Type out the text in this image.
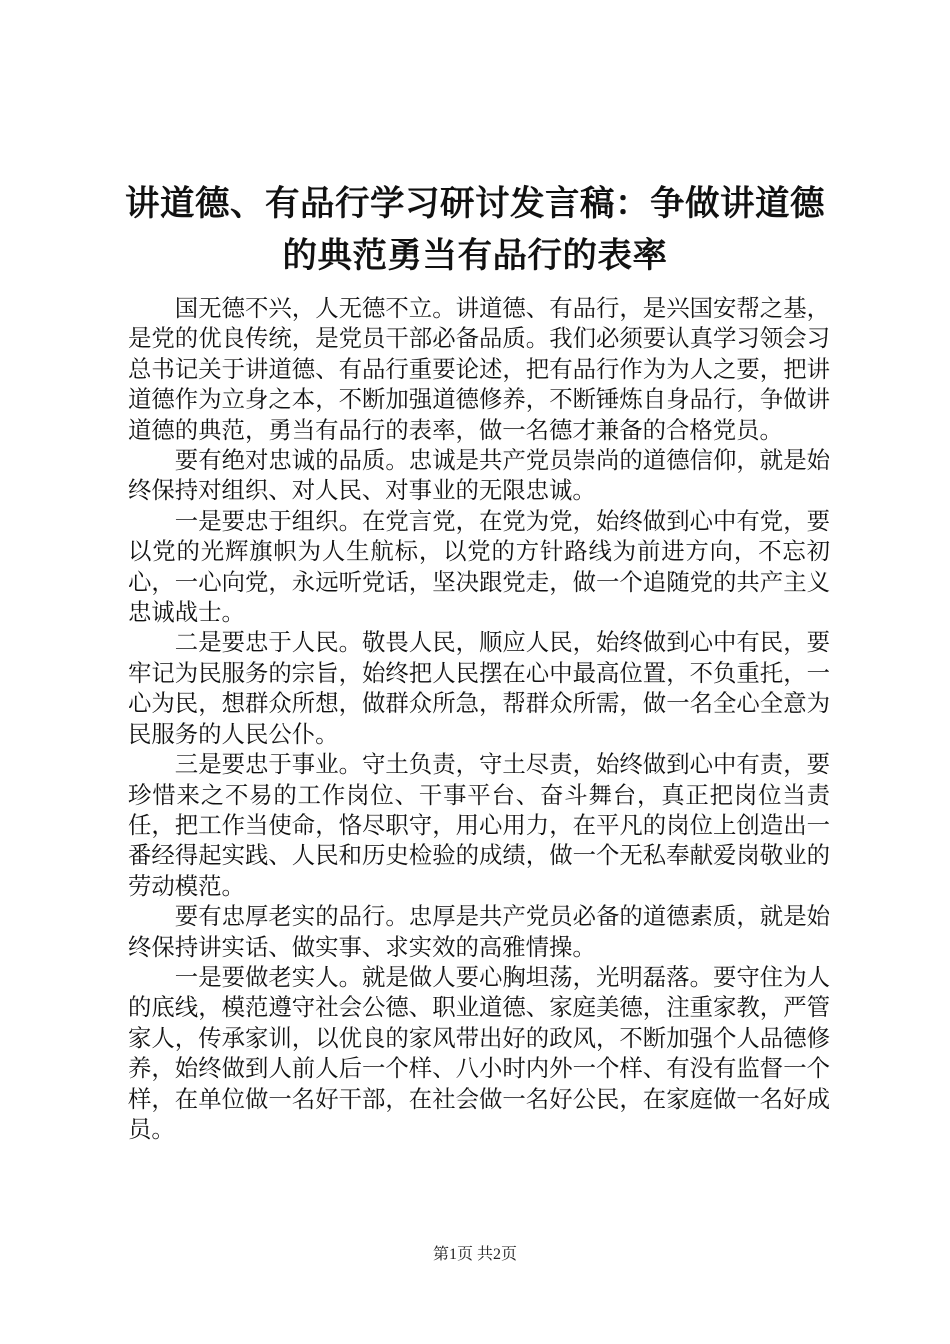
讲道德、有品行学习研讨发言稿：争做讲道德
的典范勇当有品行的表率

国无德不兴，人无德不立。讲道德、有品行，是兴国安帮之基，是党的优良传统，是党员干部必备品质。我们必须要认真学习领会习总书记关于讲道德、有品行重要论述，把有品行作为为人之要，把讲道德作为立身之本，不断加强道德修养，不断锤炼自身品行，争做讲道德的典范，勇当有品行的表率，做一名德才兼备的合格党员。

要有绝对忠诚的品质。忠诚是共产党员崇尚的道德信仰，就是始终保持对组织、对人民、对事业的无限忠诚。

一是要忠于组织。在党言党，在党为党，始终做到心中有党，要以党的光辉旗帜为人生航标，以党的方针路线为前进方向，不忘初心，一心向党，永远听党话，坚决跟党走，做一个追随党的共产主义忠诚战士。

二是要忠于人民。敬畏人民，顺应人民，始终做到心中有民，要牢记为民服务的宗旨，始终把人民摆在心中最高位置，不负重托，一心为民，想群众所想，做群众所急，帮群众所需，做一名全心全意为民服务的人民公仆。

三是要忠于事业。守土负责，守土尽责，始终做到心中有责，要珍惜来之不易的工作岗位、干事平台、奋斗舞台，真正把岗位当责任，把工作当使命，恪尽职守，用心用力，在平凡的岗位上创造出一番经得起实践、人民和历史检验的成绩，做一个无私奉献爱岗敬业的劳动模范。

要有忠厚老实的品行。忠厚是共产党员必备的道德素质，就是始终保持讲实话、做实事、求实效的高雅情操。

一是要做老实人。就是做人要心胸坦荡，光明磊落。要守住为人的底线，模范遵守社会公德、职业道德、家庭美德，注重家教，严管家人，传承家训，以优良的家风带出好的政风，不断加强个人品德修养，始终做到人前人后一个样、八小时内外一个样、有没有监督一个样，在单位做一名好干部，在社会做一名好公民，在家庭做一名好成员。

第1页 共2页
